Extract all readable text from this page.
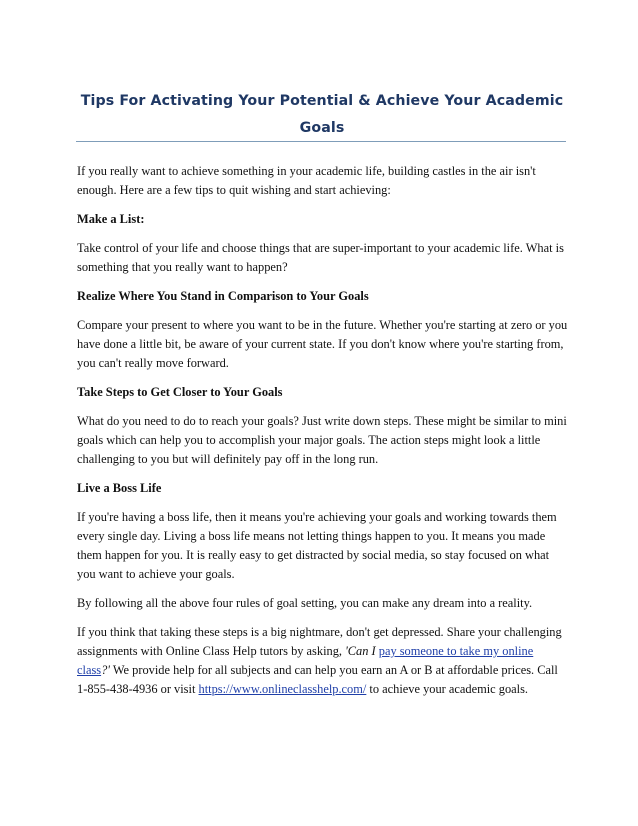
Tips For Activating Your Potential & Achieve Your Academic Goals

If you really want to achieve something in your academic life, building castles in the air isn't enough. Here are a few tips to quit wishing and start achieving:

Make a List:

Take control of your life and choose things that are super-important to your academic life. What is something that you really want to happen?

Realize Where You Stand in Comparison to Your Goals

Compare your present to where you want to be in the future. Whether you're starting at zero or you have done a little bit, be aware of your current state. If you don't know where you're starting from, you can't really move forward.

Take Steps to Get Closer to Your Goals

What do you need to do to reach your goals? Just write down steps. These might be similar to mini goals which can help you to accomplish your major goals. The action steps might look a little challenging to you but will definitely pay off in the long run.

Live a Boss Life

If you're having a boss life, then it means you're achieving your goals and working towards them every single day. Living a boss life means not letting things happen to you. It means you made them happen for you. It is really easy to get distracted by social media, so stay focused on what you want to achieve your goals.

By following all the above four rules of goal setting, you can make any dream into a reality.

If you think that taking these steps is a big nightmare, don't get depressed. Share your challenging assignments with Online Class Help tutors by asking, 'Can I pay someone to take my online class?' We provide help for all subjects and can help you earn an A or B at affordable prices. Call 1-855-438-4936 or visit https://www.onlineclasshelp.com/ to achieve your academic goals.
